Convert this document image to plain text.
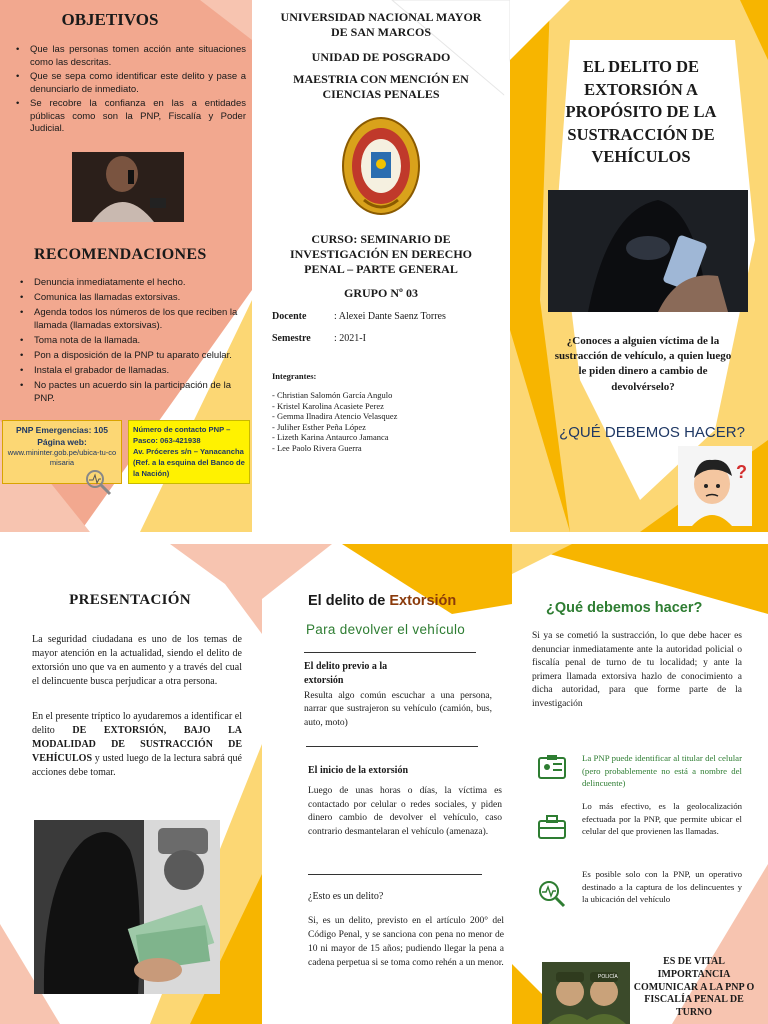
OBJETIVOS
• Que las personas tomen acción ante situaciones como las descritas.
• Que se sepa como identificar este delito y pase a denunciarlo de inmediato.
• Se recobre la confianza en las a entidades públicas como son la PNP, Fiscalía y Poder Judicial.
RECOMENDACIONES
• Denuncia inmediatamente el hecho.
• Comunica las llamadas extorsivas.
• Agenda todos los números de los que reciben la llamada (llamadas extorsivas).
• Toma nota de la llamada.
• Pon a disposición de la PNP tu aparato celular.
• Instala el grabador de llamadas.
• No pactes un acuerdo sin la participación de la PNP.
PNP Emergencias: 105
Página web:
www.mininter.gob.pe/ubica-tu-comisaria
Número de contacto PNP – Pasco: 063-421938
Av. Próceres s/n – Yanacancha (Ref. a la esquina del Banco de la Nación)
UNIVERSIDAD NACIONAL MAYOR DE SAN MARCOS
UNIDAD DE POSGRADO
MAESTRIA CON MENCIÓN EN CIENCIAS PENALES
CURSO: SEMINARIO DE INVESTIGACIÓN EN DERECHO PENAL – PARTE GENERAL
GRUPO Nº 03
Docente	: Alexei Dante Saenz Torres
Semestre : 2021-I
Integrantes:
- Christian Salomón García Angulo
- Kristel Karolina Acasiete Perez
- Gemma Ilnadira Atencio Velasquez
- Juliher Esther Peña López
- Lizeth Karina Antaurco Jamanca
- Lee Paolo Rivera Guerra
EL DELITO DE EXTORSIÓN A PROPÓSITO DE LA SUSTRACCIÓN DE VEHÍCULOS
¿Conoces a alguien víctima de la sustracción de vehículo, a quien luego le piden dinero a cambio de devolvérselo?
¿QUÉ DEBEMOS HACER?
?
PRESENTACIÓN

La seguridad ciudadana es uno de los temas de mayor atención en la actualidad, siendo el delito de extorsión uno que va en aumento y a través del cual el delincuente busca perjudicar a otra persona.

En el presente tríptico lo ayudaremos a identificar el delito DE EXTORSIÓN, BAJO LA MODALIDAD DE SUSTRACCIÓN DE VEHÍCULOS y usted luego de la lectura sabrá qué acciones debe tomar.

El delito de Extorsión
Para devolver el vehículo
El delito previo a la extorsión

Resulta algo común escuchar a una persona, narrar que sustrajeron su vehículo (camión, bus, auto, moto)

El inicio de la extorsión

Luego de unas horas o días, la víctima es contactado por celular o redes sociales, y piden dinero cambio de devolver el vehículo, caso contrario desmantelaran el vehículo (amenaza).

¿Esto es un delito?

Si, es un delito, previsto en el artículo 200° del Código Penal, y se sanciona con pena no menor de 10 ni mayor de 15 años; pudiendo llegar la pena a cadena perpetua si se toma como rehén a un menor.

¿Qué debemos hacer?

Si ya se cometió la sustracción, lo que debe hacer es denunciar inmediatamente ante la autoridad policial o fiscalía penal de turno de tu localidad; y ante la primera llamada extorsiva hazlo de conocimiento a dicha autoridad, para que forme parte de la investigación

La PNP puede identificar al titular del celular (pero probablemente no está a nombre del delincuente)

Lo más efectivo, es la geolocalización efectuada por la PNP, que permite ubicar el celular del que provienen las llamadas.

Es posible solo con la PNP, un operativo destinado a la captura de los delincuentes y la ubicación del vehículo

POLICÍA
ES DE VITAL IMPORTANCIA COMUNICAR A LA PNP O FISCALÍA PENAL DE TURNO
